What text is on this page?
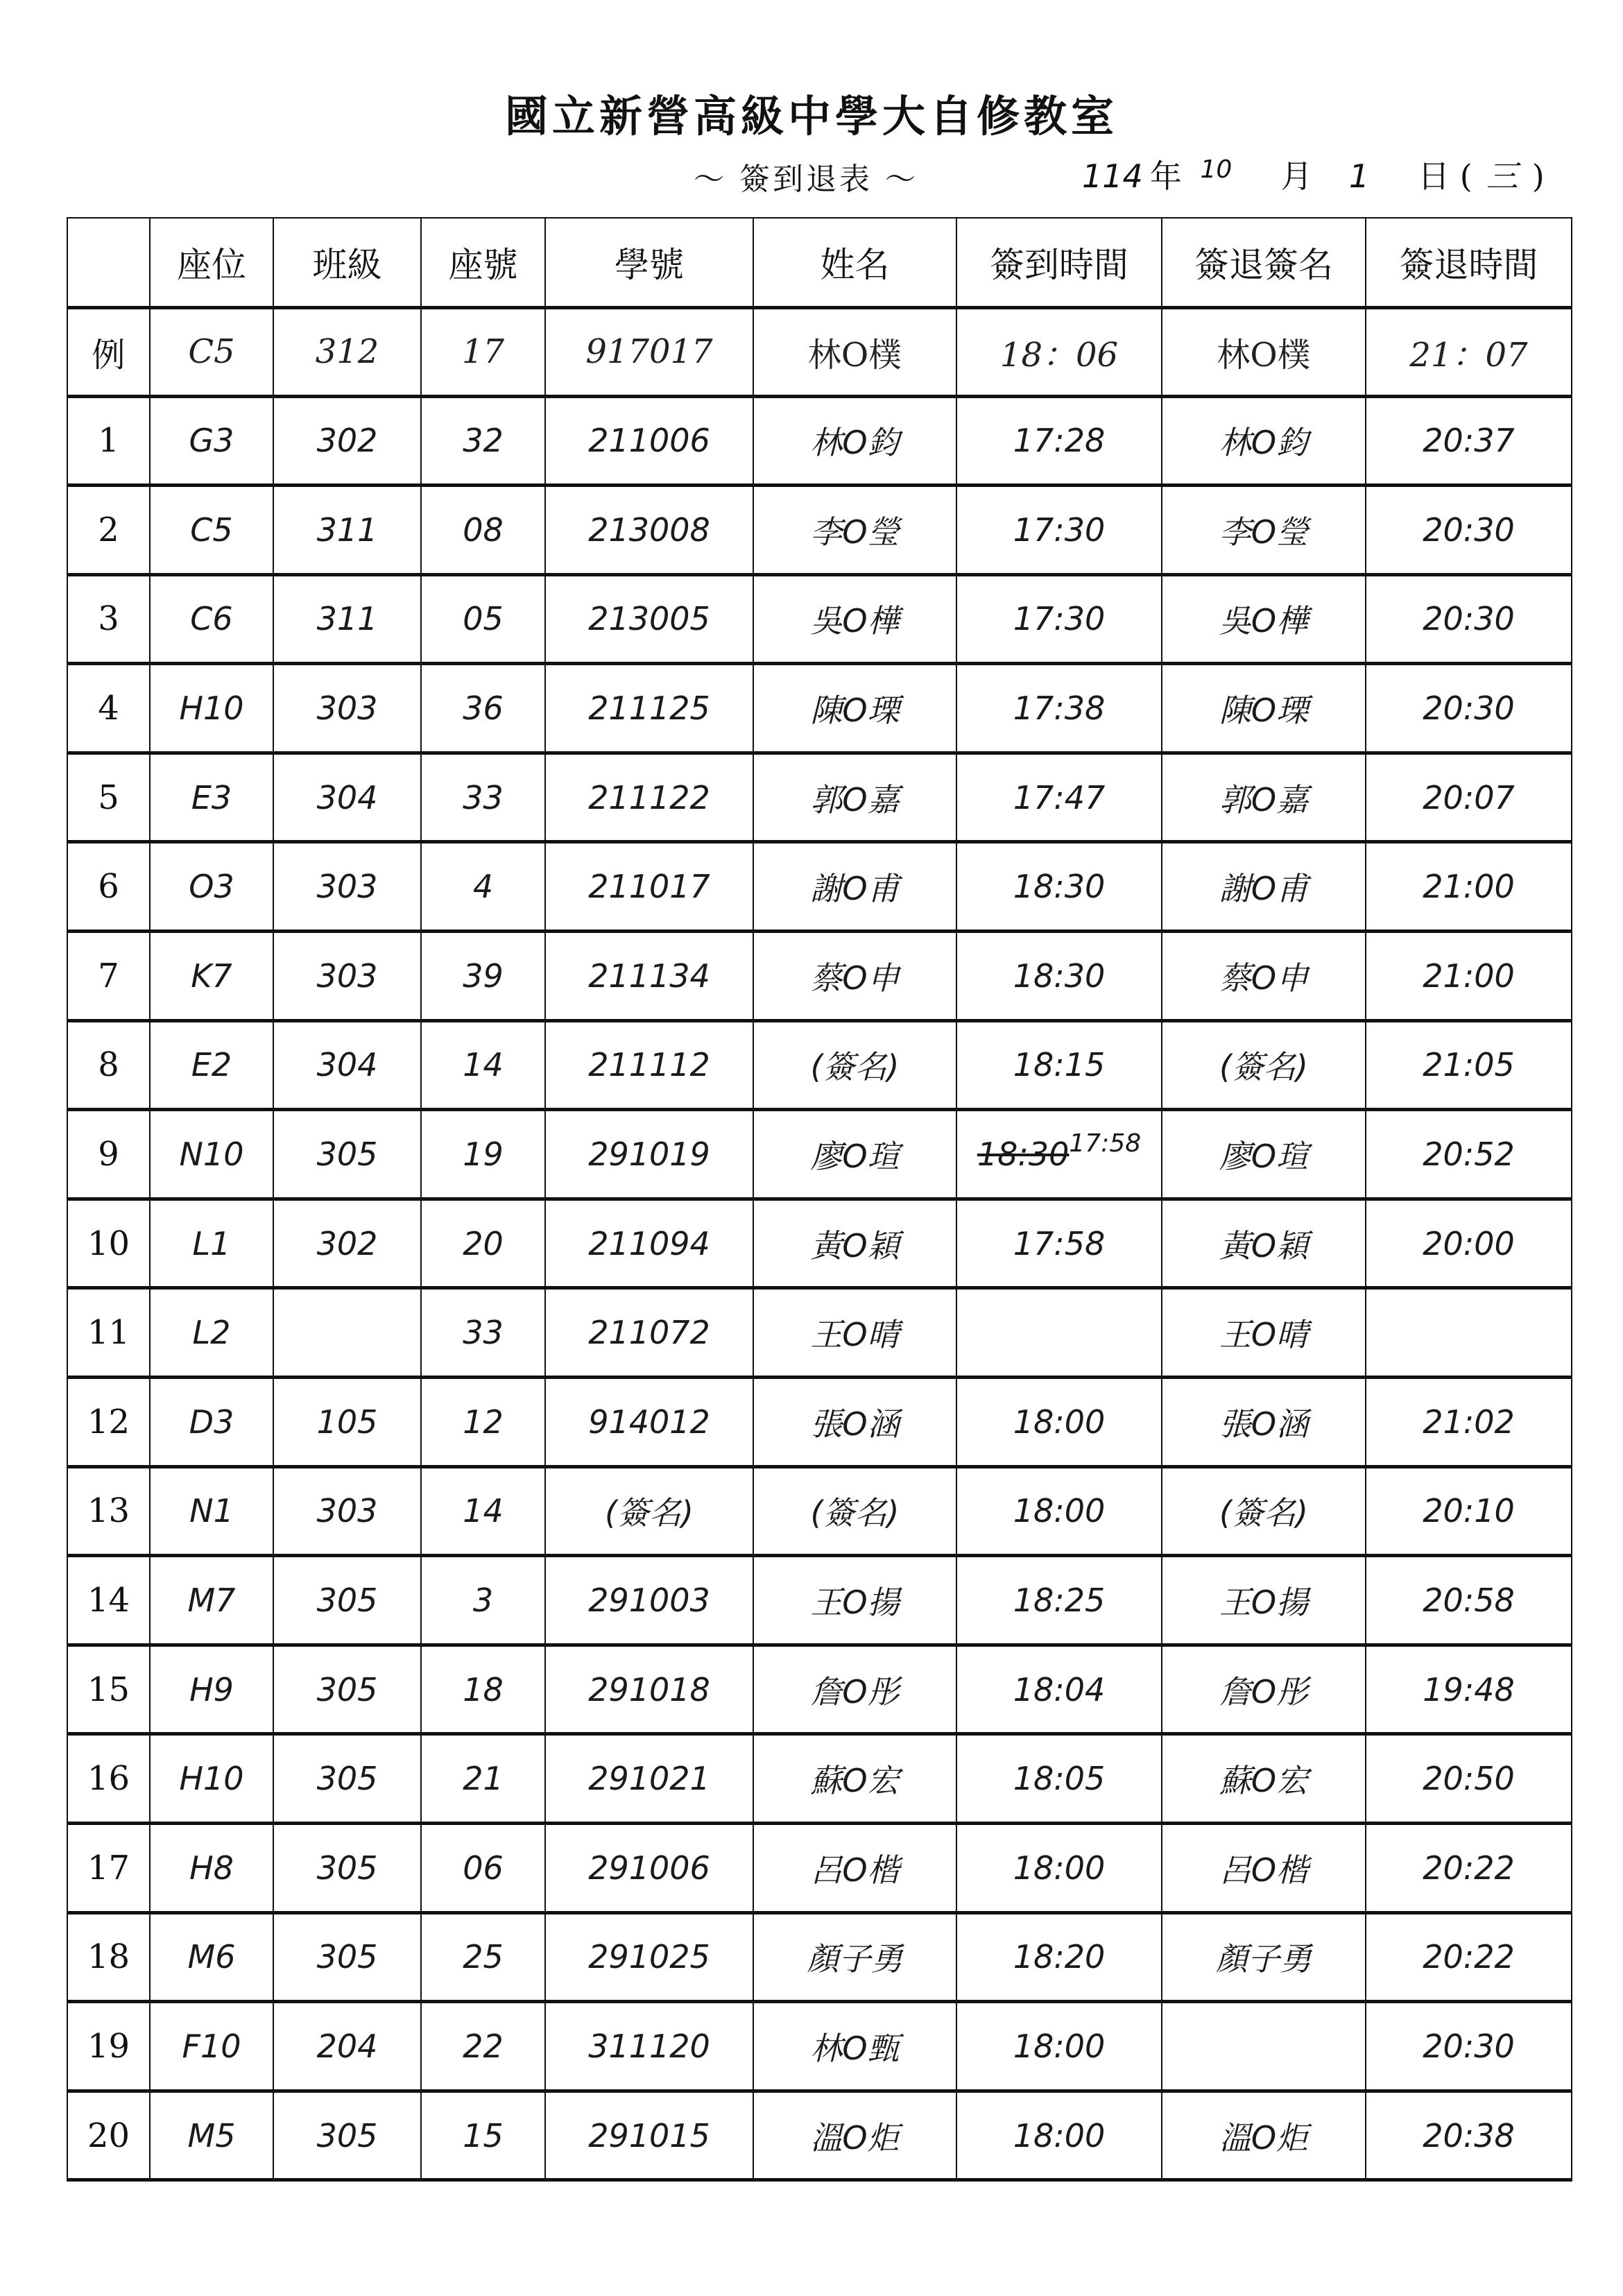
國立新營高級中學大自修教室
～ 簽到退表 ～	114 年 10 月 1 日 ( 三 )
	座位	班級	座號	學號	姓名	簽到時間	簽退簽名	簽退時間
例	C5	312	17	917017	林O樸	18：06	林O樸	21：07
1	G3	302	32	211006	林O鈞	17:28	林O鈞	20:37
2	C5	311	08	213008	李O瑩	17:30	李O瑩	20:30
3	C6	311	05	213005	吳O樺	17:30	吳O樺	20:30
4	H10	303	36	211125	陳O瑮	17:38	陳O瑮	20:30
5	E3	304	33	211122	郭O嘉	17:47	郭O嘉	20:07
6	O3	303	4	211017	謝O甫	18:30	謝O甫	21:00
7	K7	303	39	211134	蔡O申	18:30	蔡O申	21:00
8	E2	304	14	211112	(簽名)	18:15	(簽名)	21:05
9	N10	305	19	291019	廖O瑄	$18:30^{17:58}$	廖O瑄	20:52
10	L1	302	20	211094	黃O穎	17:58	黃O穎	20:00
11	L2		33	211072	王O晴		王O晴	
12	D3	105	12	914012	張O涵	18:00	張O涵	21:02
13	N1	303	14	(簽名)	(簽名)	18:00	(簽名)	20:10
14	M7	305	3	291003	王O揚	18:25	王O揚	20:58
15	H9	305	18	291018	詹O彤	18:04	詹O彤	19:48
16	H10	305	21	291021	蘇O宏	18:05	蘇O宏	20:50
17	H8	305	06	291006	呂O楷	18:00	呂O楷	20:22
18	M6	305	25	291025	顏子勇	18:20	顏子勇	20:22
19	F10	204	22	311120	林O甄	18:00		20:30
20	M5	305	15	291015	溫O炬	18:00	溫O炬	20:38
